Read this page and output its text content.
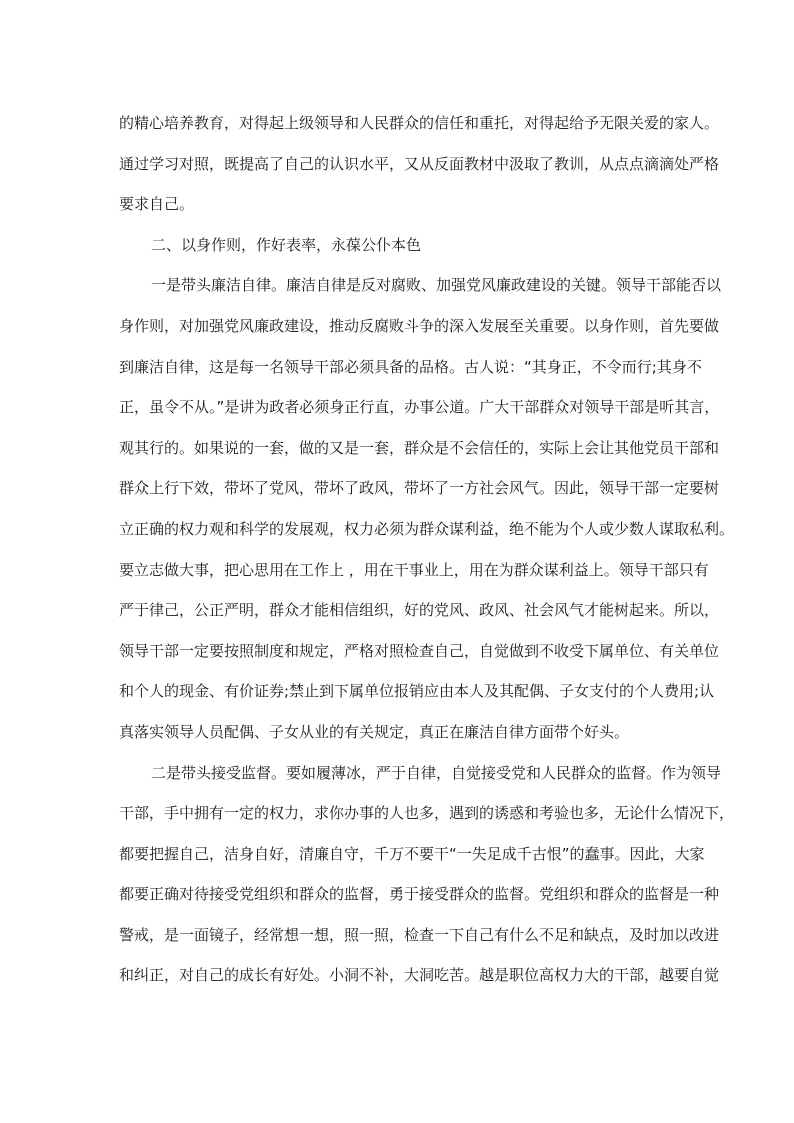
的精心培养教育，对得起上级领导和人民群众的信任和重托，对得起给予无限关爱的家人。
通过学习对照，既提高了自己的认识水平，又从反面教材中汲取了教训，从点点滴滴处严格
要求自己。
二、以身作则，作好表率，永葆公仆本色
一是带头廉洁自律。廉洁自律是反对腐败、加强党风廉政建设的关键。领导干部能否以
身作则，对加强党风廉政建设，推动反腐败斗争的深入发展至关重要。以身作则，首先要做
到廉洁自律，这是每一名领导干部必须具备的品格。古人说：“其身正，不令而行;其身不
正，虽令不从。”是讲为政者必须身正行直，办事公道。广大干部群众对领导干部是听其言，
观其行的。如果说的一套，做的又是一套，群众是不会信任的，实际上会让其他党员干部和
群众上行下效，带坏了党风，带坏了政风，带坏了一方社会风气。因此，领导干部一定要树
立正确的权力观和科学的发展观，权力必须为群众谋利益，绝不能为个人或少数人谋取私利。
要立志做大事，把心思用在工作上 ，用在干事业上，用在为群众谋利益上。领导干部只有
严于律己，公正严明，群众才能相信组织，好的党风、政风、社会风气才能树起来。所以，
领导干部一定要按照制度和规定，严格对照检查自己，自觉做到不收受下属单位、有关单位
和个人的现金、有价证券;禁止到下属单位报销应由本人及其配偶、子女支付的个人费用;认
真落实领导人员配偶、子女从业的有关规定，真正在廉洁自律方面带个好头。
二是带头接受监督。要如履薄冰，严于自律，自觉接受党和人民群众的监督。作为领导
干部，手中拥有一定的权力，求你办事的人也多，遇到的诱惑和考验也多，无论什么情况下，
都要把握自己，洁身自好，清廉自守，千万不要干“一失足成千古恨”的蠢事。因此，大家
都要正确对待接受党组织和群众的监督，勇于接受群众的监督。党组织和群众的监督是一种
警戒，是一面镜子，经常想一想，照一照，检查一下自己有什么不足和缺点，及时加以改进
和纠正，对自己的成长有好处。小洞不补，大洞吃苦。越是职位高权力大的干部，越要自觉
